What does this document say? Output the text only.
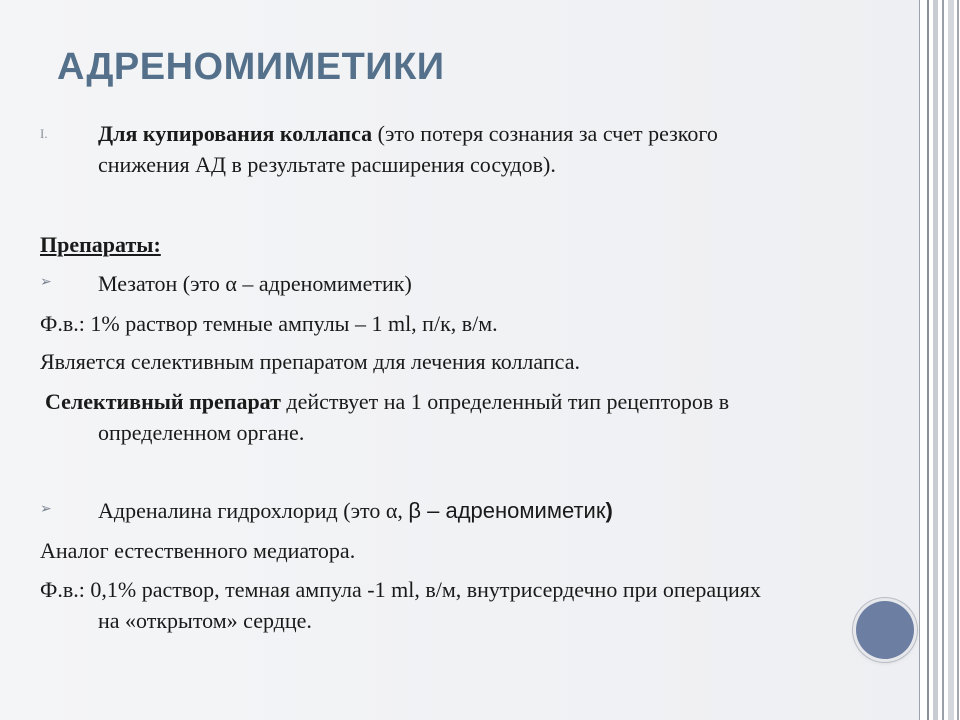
АДРЕНОМИМЕТИКИ
I. Для купирования коллапса (это потеря сознания за счет резкого
снижения АД в результате расширения сосудов).
Препараты:
➢ Мезатон (это α – адреномиметик)
Ф.в.: 1% раствор темные ампулы – 1 ml, п/к, в/м.
Является селективным препаратом для лечения коллапса.
Селективный препарат действует на 1 определенный тип рецепторов в
определенном органе.
➢ Адреналина гидрохлорид (это α, β – адреномиметик)
Аналог естественного медиатора.
Ф.в.: 0,1% раствор, темная ампула -1 ml, в/м, внутрисердечно при операциях
на «открытом» сердце.
